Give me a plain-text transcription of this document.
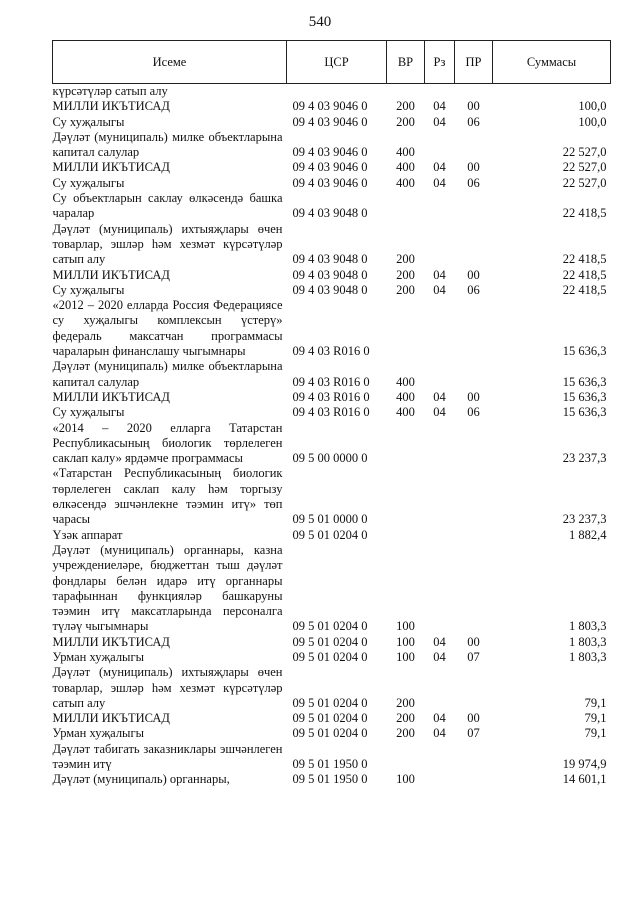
540
Исеме	ЦСР	ВР	Рз	ПР	Суммасы
күрсәтүләр сатып алу					
МИЛЛИ ИКЪТИСАД	09 4 03 9046 0	200	04	00	100,0
Су хуҗалыгы	09 4 03 9046 0	200	04	06	100,0
Дәүләт (муниципаль) милке объектларына капитал салулар	09 4 03 9046 0	400			22 527,0
МИЛЛИ ИКЪТИСАД	09 4 03 9046 0	400	04	00	22 527,0
Су хуҗалыгы	09 4 03 9046 0	400	04	06	22 527,0
Су объектларын саклау өлкәсендә башка чаралар	09 4 03 9048 0				22 418,5
Дәүләт (муниципаль) ихтыяҗлары өчен товарлар, эшләр һәм хезмәт күрсәтүләр сатып алу	09 4 03 9048 0	200			22 418,5
МИЛЛИ ИКЪТИСАД	09 4 03 9048 0	200	04	00	22 418,5
Су хуҗалыгы	09 4 03 9048 0	200	04	06	22 418,5
«2012 – 2020 елларда Россия Федерациясе су хуҗалыгы комплексын үстерү» федераль максатчан программасы чараларын финанслашу чыгымнары	09 4 03 R016 0				15 636,3
Дәүләт (муниципаль) милке объектларына капитал салулар	09 4 03 R016 0	400			15 636,3
МИЛЛИ ИКЪТИСАД	09 4 03 R016 0	400	04	00	15 636,3
Су хуҗалыгы	09 4 03 R016 0	400	04	06	15 636,3
«2014 – 2020 елларга Татарстан Республикасының биологик төрлелеген саклап калу» ярдәмче программасы	09 5 00 0000 0				23 237,3
«Татарстан Республикасының биологик төрлелеген саклап калу һәм торгызу өлкәсендә эшчәнлекне тәэмин итү» төп чарасы	09 5 01 0000 0				23 237,3
Үзәк аппарат	09 5 01 0204 0				1 882,4
Дәүләт (муниципаль) органнары, казна учреждениеләре, бюджеттан тыш дәүләт фондлары белән идарә итү органнары тарафыннан функцияләр башкаруны тәэмин итү максатларында персоналга түләү чыгымнары	09 5 01 0204 0	100			1 803,3
МИЛЛИ ИКЪТИСАД	09 5 01 0204 0	100	04	00	1 803,3
Урман хуҗалыгы	09 5 01 0204 0	100	04	07	1 803,3
Дәүләт (муниципаль) ихтыяҗлары өчен товарлар, эшләр һәм хезмәт күрсәтүләр сатып алу	09 5 01 0204 0	200			79,1
МИЛЛИ ИКЪТИСАД	09 5 01 0204 0	200	04	00	79,1
Урман хуҗалыгы	09 5 01 0204 0	200	04	07	79,1
Дәүләт табигать заказниклары эшчәнлеген тәэмин итү	09 5 01 1950 0				19 974,9
Дәүләт (муниципаль) органнары,	09 5 01 1950 0	100			14 601,1
